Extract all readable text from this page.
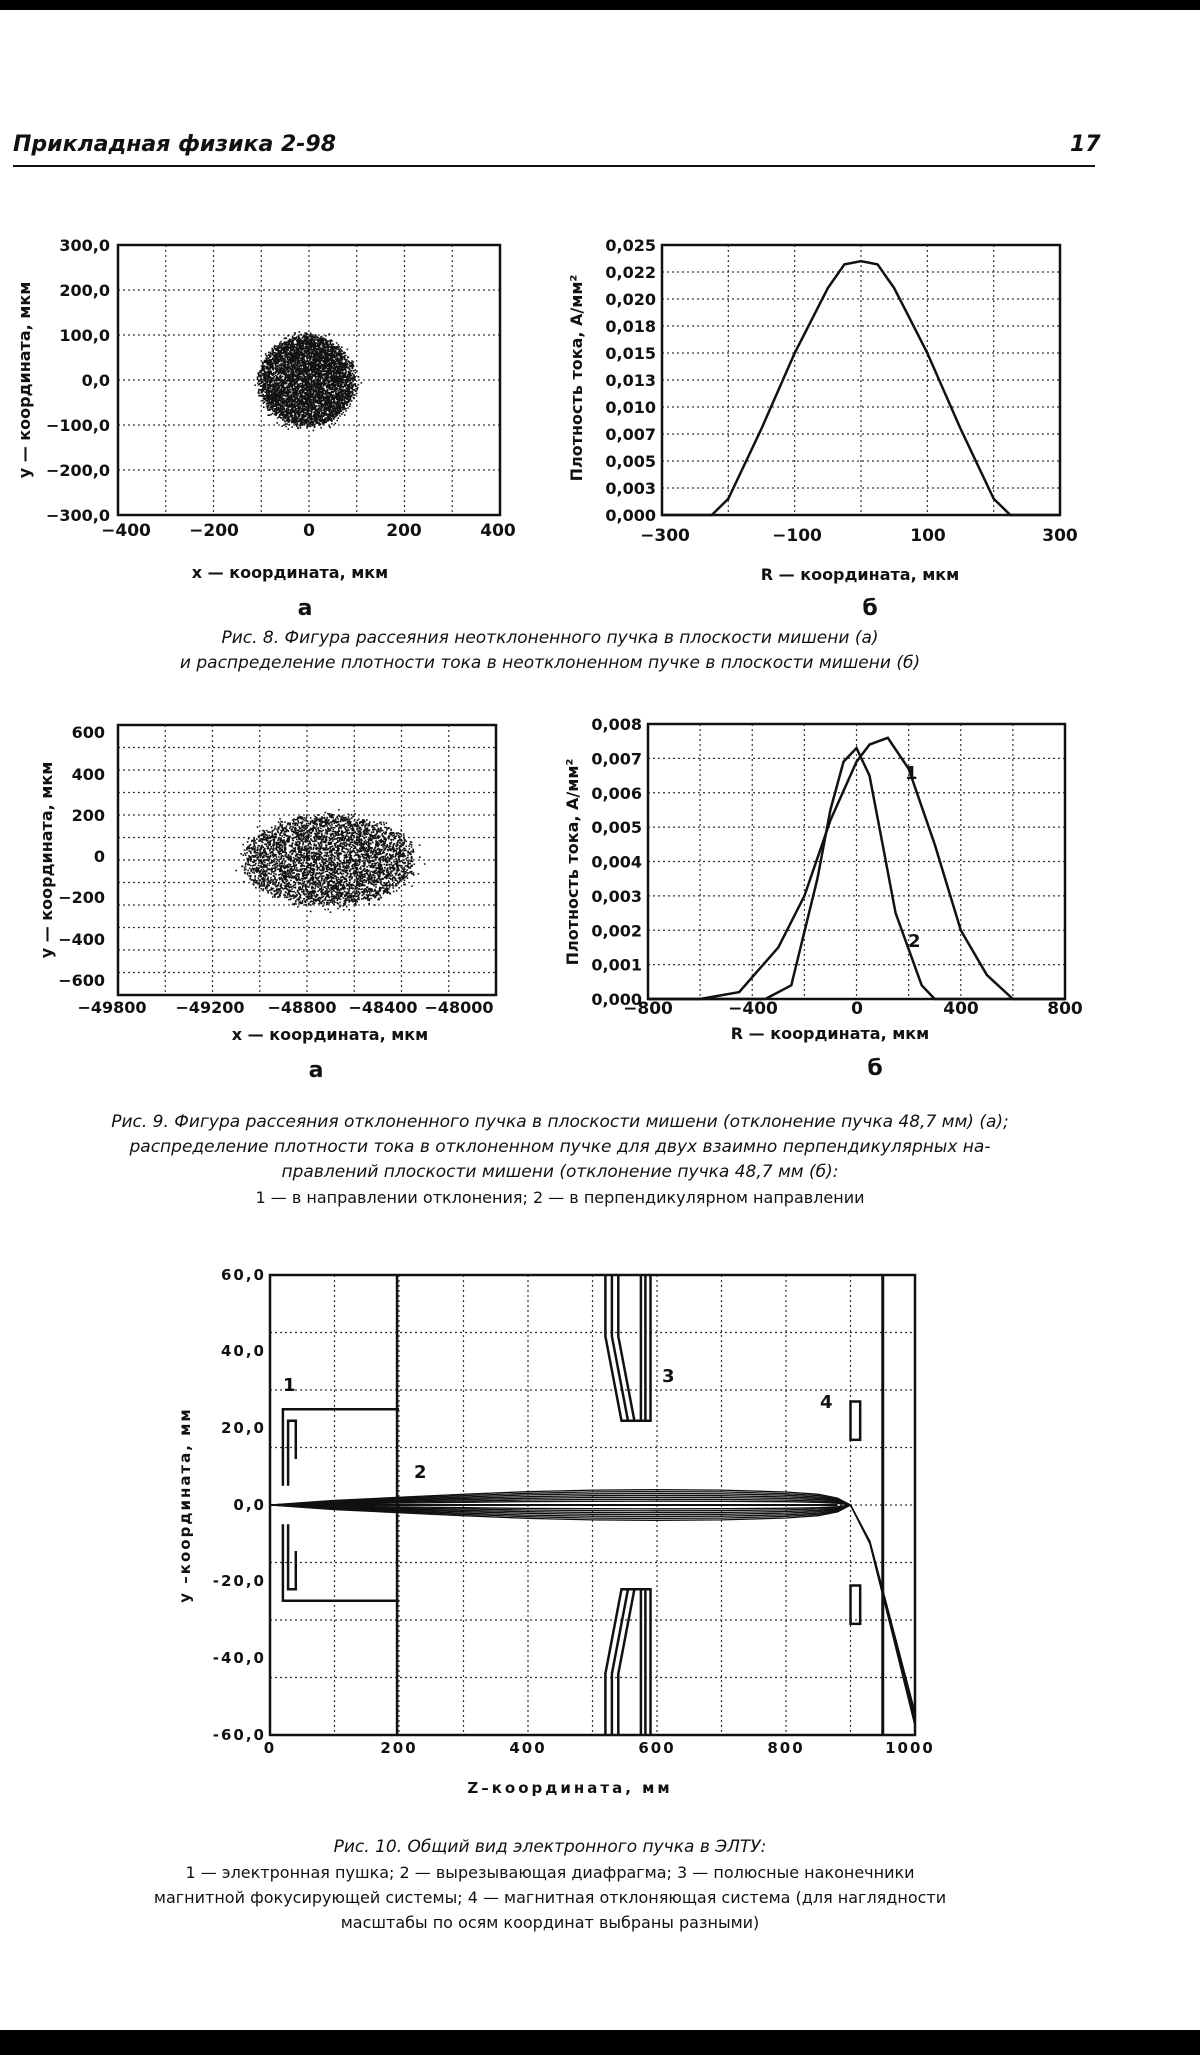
Прикладная физика 2-98	17
300,0
200,0
100,0
0,0
−100,0
−200,0
−300,0
−400 −200	0	200	400
y — координата, мкм
x — координата, мкм
а
0,025
0,022
0,020
0,018
0,015
0,013
0,010
0,007
0,005
0,003
0,000
−300	−100	100	300
Плотность тока, А/мм²
R — координата, мкм
б
Рис. 8. Фигура рассеяния неотклоненного пучка в плоскости мишени (а)
и распределение плотности тока в неотклоненном пучке в плоскости мишени (б)
600
400
200
0
−200
−400
−600
−49800 −49200 −48800 −48400 −48000
y — координата, мкм
x — координата, мкм
а
1
2
0,008
0,007
0,006
0,005
0,004
0,003
0,002
0,001
0,000
−800	−400	0	400	800
Плотность тока, А/мм²
R — координата, мкм
б
Рис. 9. Фигура рассеяния отклоненного пучка в плоскости мишени (отклонение пучка 48,7 мм) (а);
распределение плотности тока в отклоненном пучке для двух взаимно перпендикулярных на-
правлений плоскости мишени (отклонение пучка 48,7 мм (б):
1 — в направлении отклонения; 2 — в перпендикулярном направлении
60,0
40,0
20,0
0,0
-20,0
-40,0
-60,0
0	200	400	600	800	1000
y –координата, мм
Z–координата, мм
1
2
3
4
Рис. 10. Общий вид электронного пучка в ЭЛТУ:
1 — электронная пушка; 2 — вырезывающая диафрагма; 3 — полюсные наконечники
магнитной фокусирующей системы; 4 — магнитная отклоняющая система (для наглядности
масштабы по осям координат выбраны разными)
